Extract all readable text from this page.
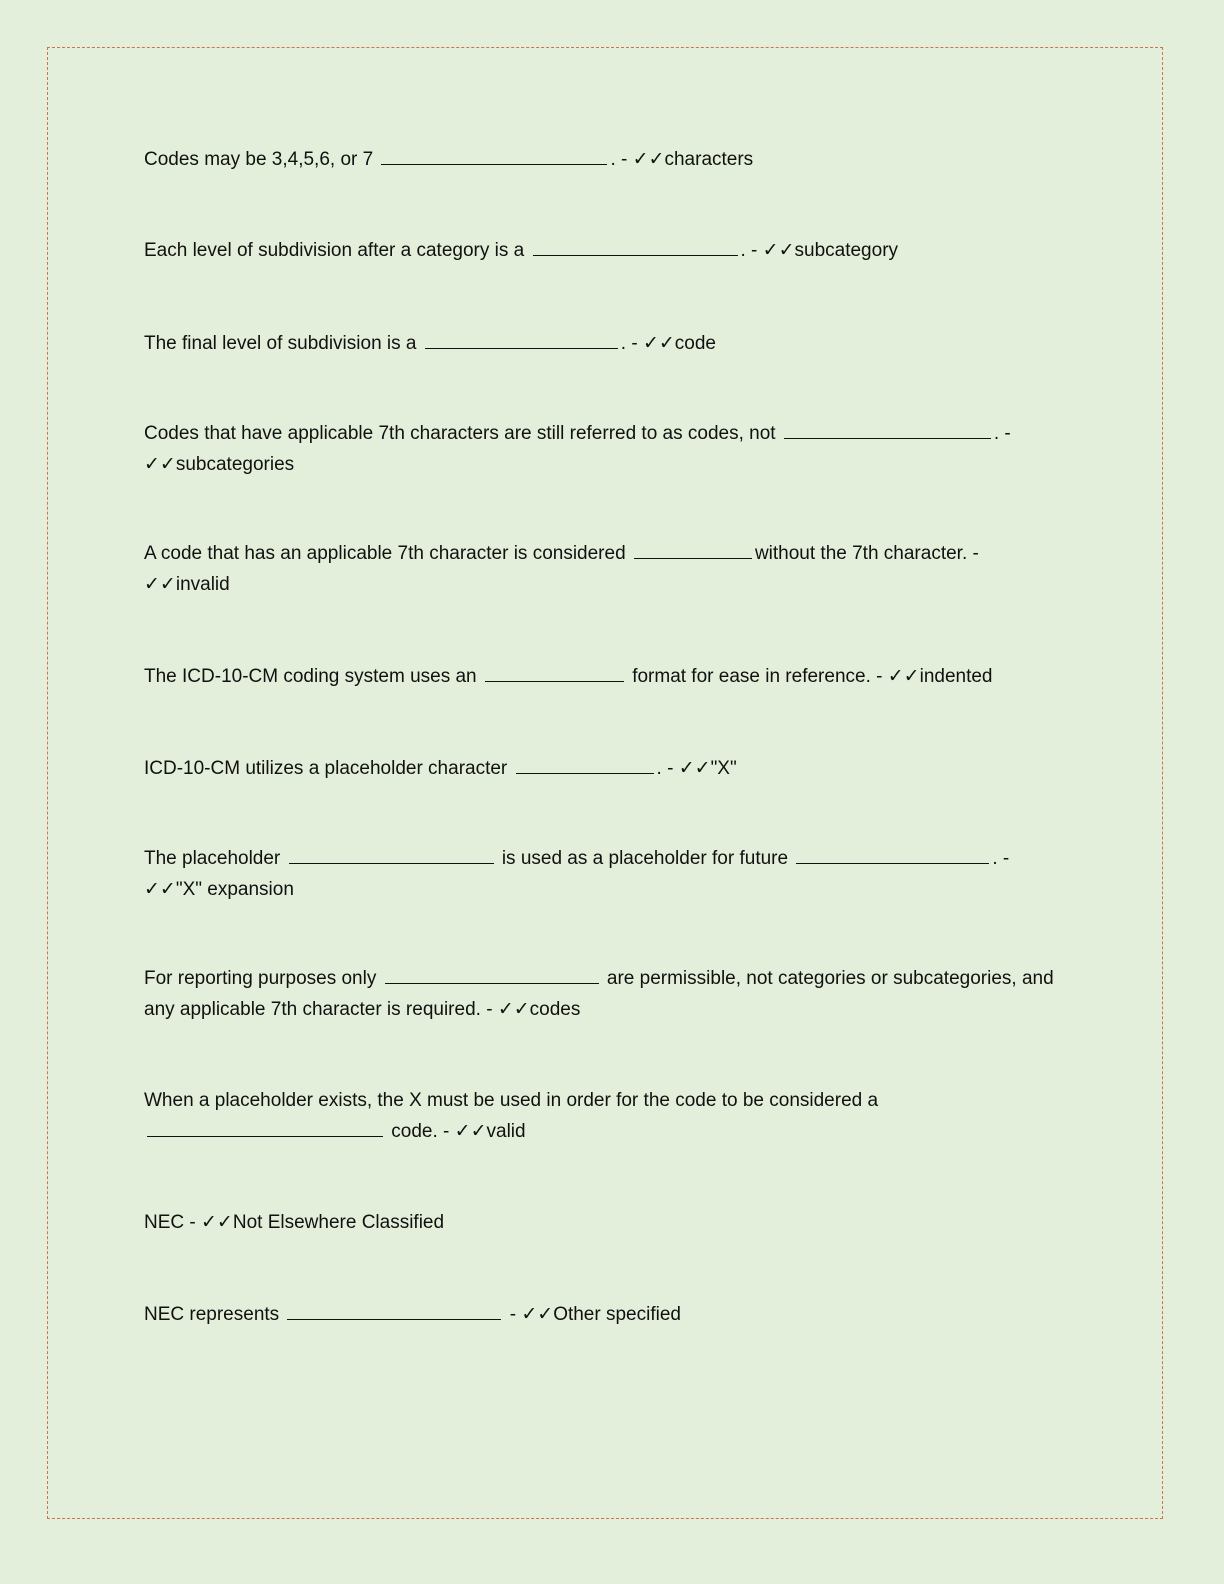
Codes may be 3,4,5,6, or 7	. - ✓✓characters

Each level of subdivision after a category is a	. - ✓✓subcategory

The final level of subdivision is a	. - ✓✓code

Codes that have applicable 7th characters are still referred to as codes, not	. - ✓✓subcategories

A code that has an applicable 7th character is considered	without the 7th character. - ✓✓invalid

The ICD-10-CM coding system uses an	format for ease in reference. - ✓✓indented

ICD-10-CM utilizes a placeholder character	. - ✓✓"X"

The placeholder	is used as a placeholder for future	. - ✓✓"X" expansion

For reporting purposes only	are permissible, not categories or subcategories, and any applicable 7th character is required. - ✓✓codes

When a placeholder exists, the X must be used in order for the code to be considered a  code. - ✓✓valid

NEC - ✓✓Not Elsewhere Classified

NEC represents	- ✓✓Other specified
